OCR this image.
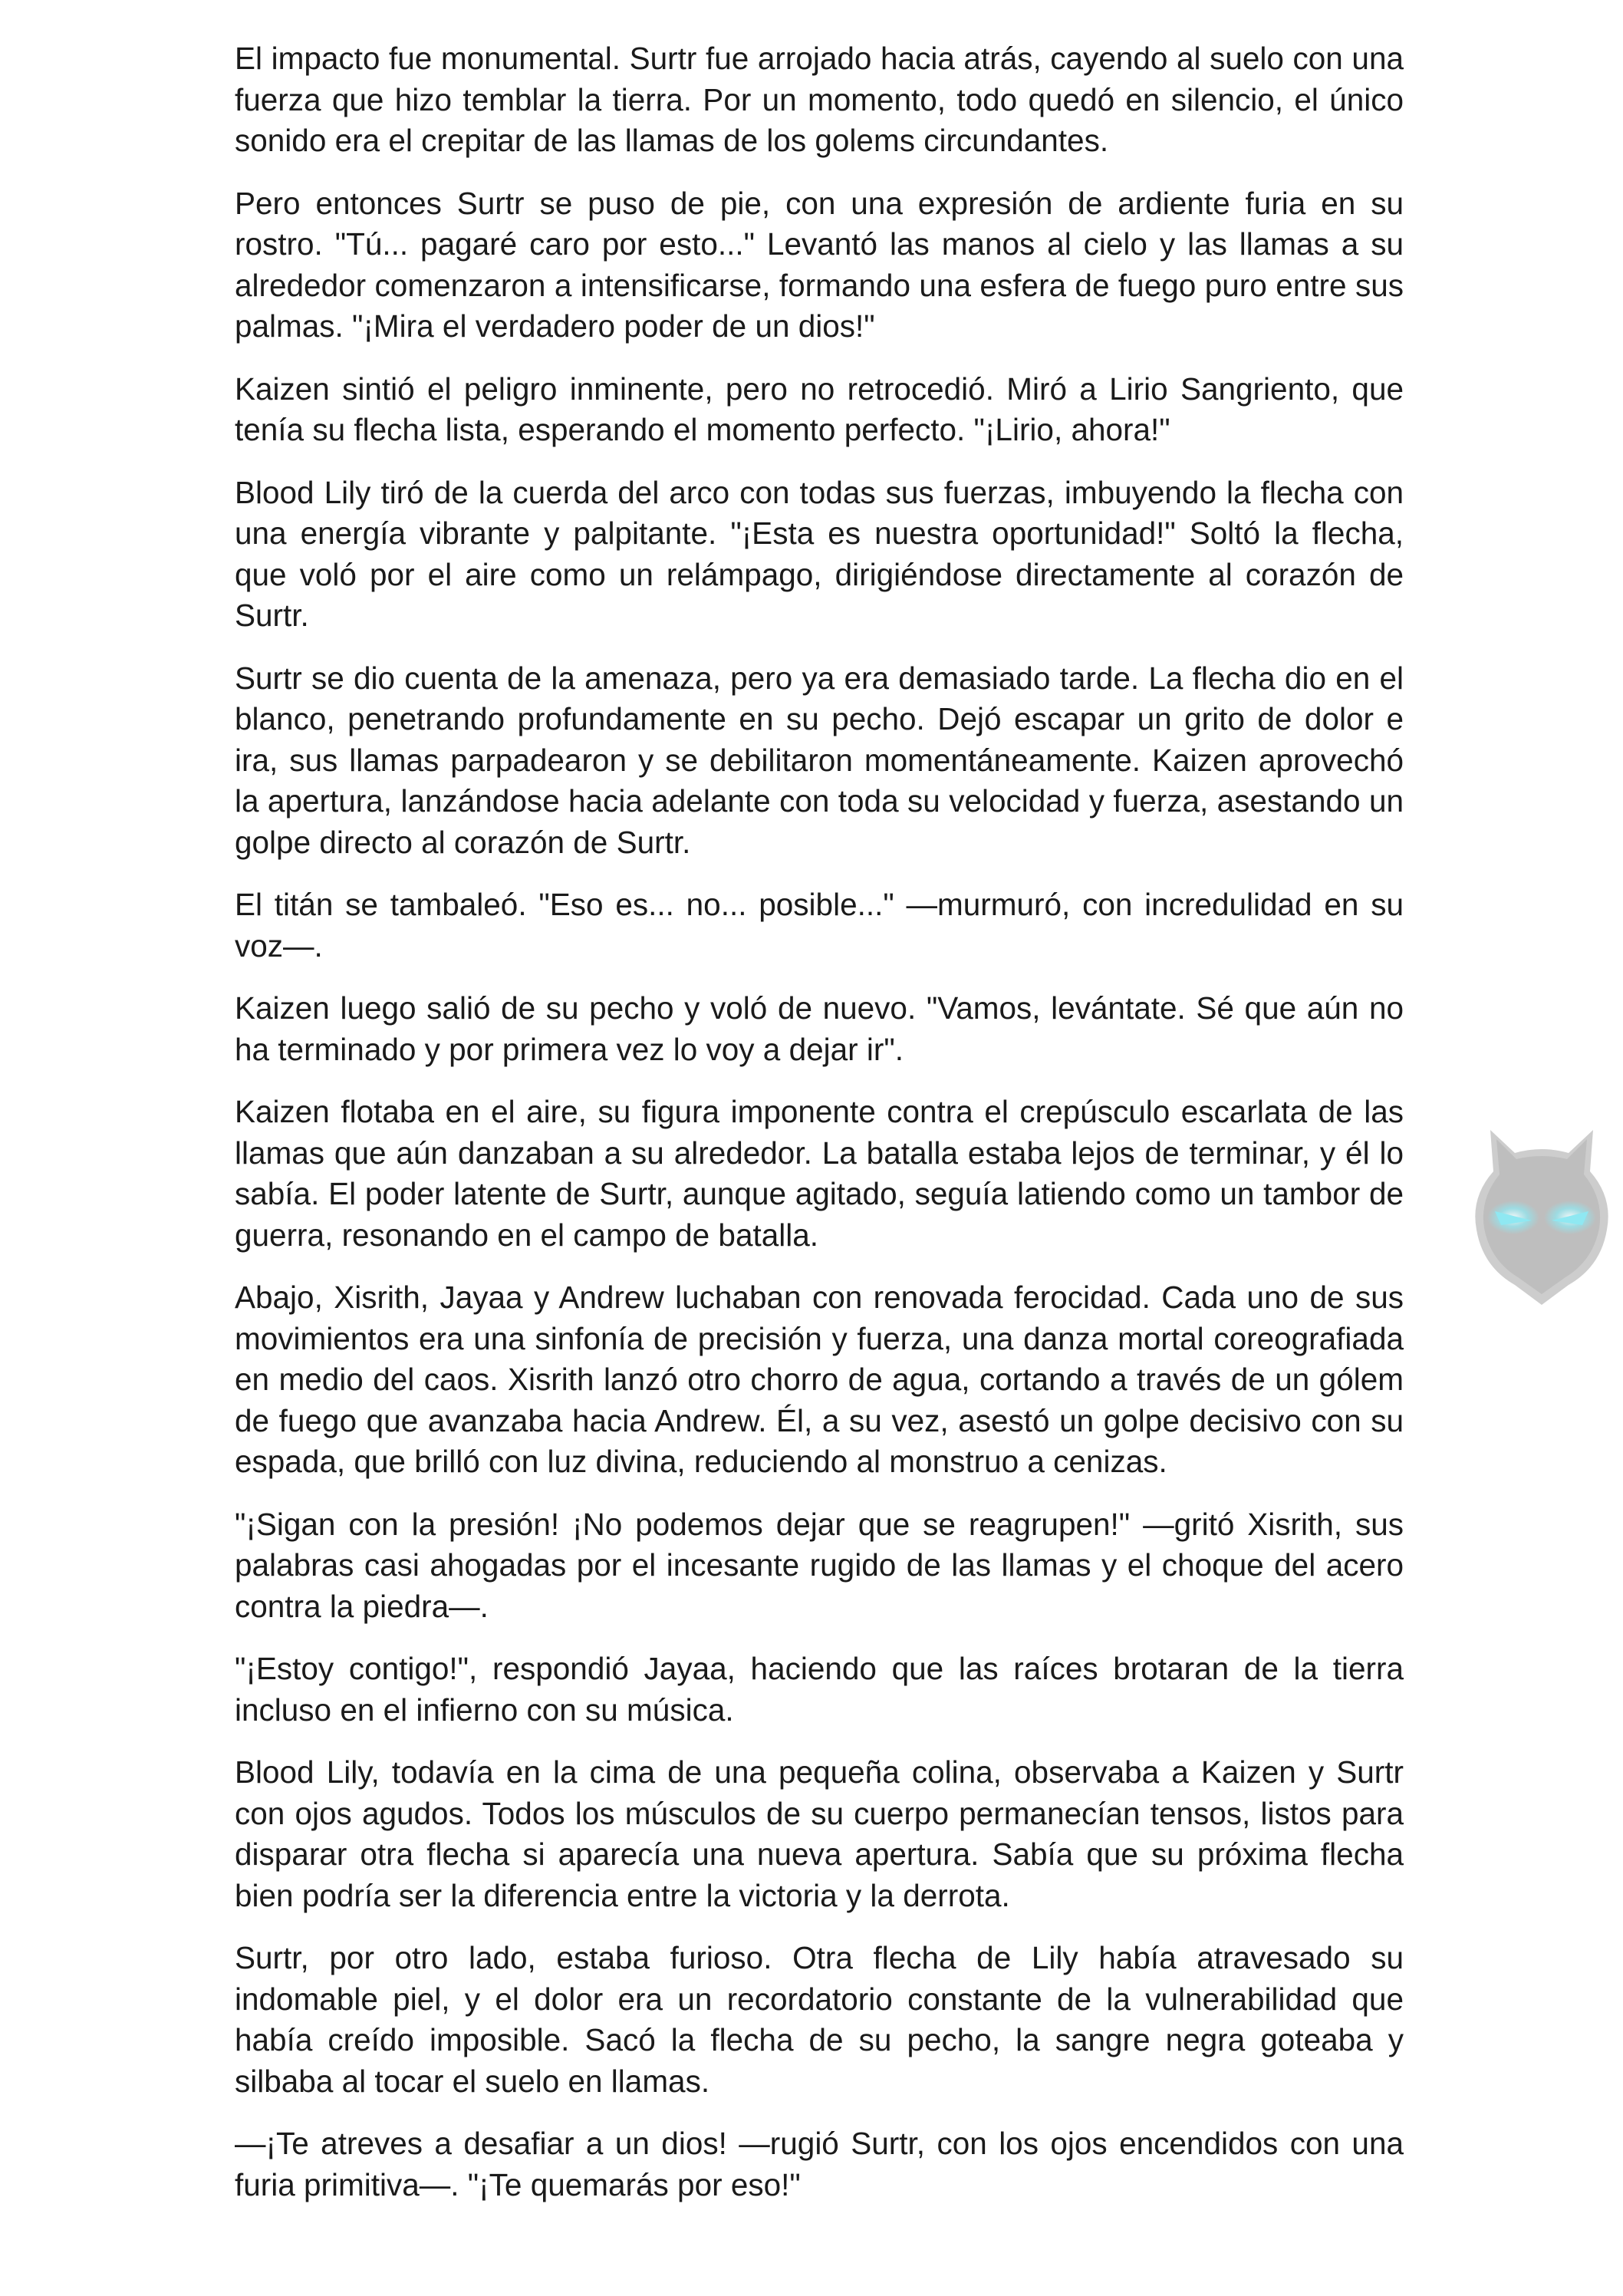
El impacto fue monumental. Surtr fue arrojado hacia atrás, cayendo al suelo con una fuerza que hizo temblar la tierra. Por un momento, todo quedó en silencio, el único sonido era el crepitar de las llamas de los golems circundantes.

Pero entonces Surtr se puso de pie, con una expresión de ardiente furia en su rostro. "Tú... pagaré caro por esto..." Levantó las manos al cielo y las llamas a su alrededor comenzaron a intensificarse, formando una esfera de fuego puro entre sus palmas. "¡Mira el verdadero poder de un dios!"

Kaizen sintió el peligro inminente, pero no retrocedió. Miró a Lirio Sangriento, que tenía su flecha lista, esperando el momento perfecto. "¡Lirio, ahora!"

Blood Lily tiró de la cuerda del arco con todas sus fuerzas, imbuyendo la flecha con una energía vibrante y palpitante. "¡Esta es nuestra oportunidad!" Soltó la flecha, que voló por el aire como un relámpago, dirigiéndose directamente al corazón de Surtr.

Surtr se dio cuenta de la amenaza, pero ya era demasiado tarde. La flecha dio en el blanco, penetrando profundamente en su pecho. Dejó escapar un grito de dolor e ira, sus llamas parpadearon y se debilitaron momentáneamente. Kaizen aprovechó la apertura, lanzándose hacia adelante con toda su velocidad y fuerza, asestando un golpe directo al corazón de Surtr.

El titán se tambaleó. "Eso es... no... posible..." —murmuró, con incredulidad en su voz—.

Kaizen luego salió de su pecho y voló de nuevo. "Vamos, levántate. Sé que aún no ha terminado y por primera vez lo voy a dejar ir".

Kaizen flotaba en el aire, su figura imponente contra el crepúsculo escarlata de las llamas que aún danzaban a su alrededor. La batalla estaba lejos de terminar, y él lo sabía. El poder latente de Surtr, aunque agitado, seguía latiendo como un tambor de guerra, resonando en el campo de batalla.

Abajo, Xisrith, Jayaa y Andrew luchaban con renovada ferocidad. Cada uno de sus movimientos era una sinfonía de precisión y fuerza, una danza mortal coreografiada en medio del caos. Xisrith lanzó otro chorro de agua, cortando a través de un gólem de fuego que avanzaba hacia Andrew. Él, a su vez, asestó un golpe decisivo con su espada, que brilló con luz divina, reduciendo al monstruo a cenizas.

"¡Sigan con la presión! ¡No podemos dejar que se reagrupen!" —gritó Xisrith, sus palabras casi ahogadas por el incesante rugido de las llamas y el choque del acero contra la piedra—.

"¡Estoy contigo!", respondió Jayaa, haciendo que las raíces brotaran de la tierra incluso en el infierno con su música.

Blood Lily, todavía en la cima de una pequeña colina, observaba a Kaizen y Surtr con ojos agudos. Todos los músculos de su cuerpo permanecían tensos, listos para disparar otra flecha si aparecía una nueva apertura. Sabía que su próxima flecha bien podría ser la diferencia entre la victoria y la derrota.

Surtr, por otro lado, estaba furioso. Otra flecha de Lily había atravesado su indomable piel, y el dolor era un recordatorio constante de la vulnerabilidad que había creído imposible. Sacó la flecha de su pecho, la sangre negra goteaba y silbaba al tocar el suelo en llamas.

—¡Te atreves a desafiar a un dios! —rugió Surtr, con los ojos encendidos con una furia primitiva—. "¡Te quemarás por eso!"
